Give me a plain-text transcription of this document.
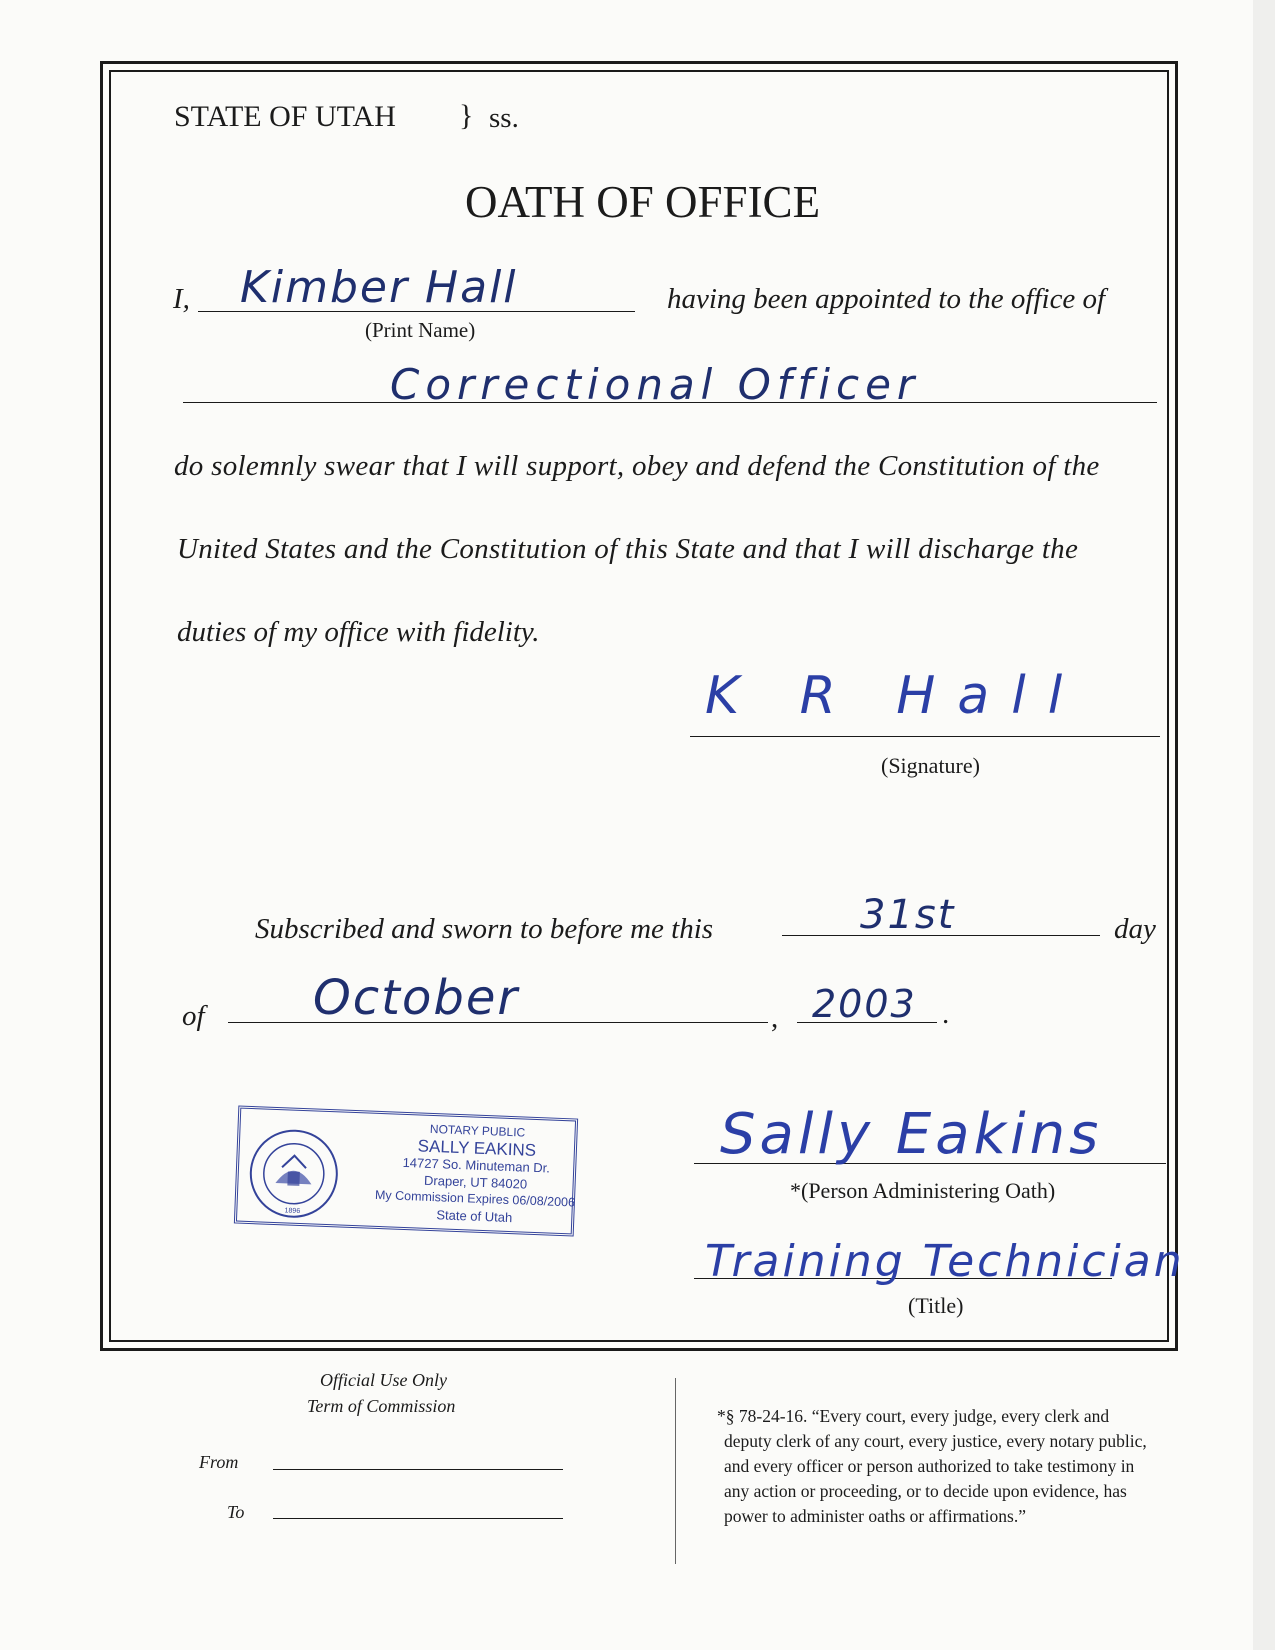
STATE OF UTAH } ss.
OATH OF OFFICE
I, Kimber Hall	having been appointed to the office of
(Print Name)
Correctional Officer
do solemnly swear that I will support, obey and defend the Constitution of the
United States and the Constitution of this State and that I will discharge the
duties of my office with fidelity.
K R Hall
(Signature)
Subscribed and sworn to before me this	31st	day
of October	, 2003 .
1896
NOTARY PUBLIC
SALLY EAKINS
14727 So. Minuteman Dr.
Draper, UT 84020
My Commission Expires 06/08/2006
State of Utah
Sally Eakins
*(Person Administering Oath)
Training Technician
(Title)
Official Use Only
Term of Commission
From
To
*§ 78-24-16. “Every court, every judge, every clerk and
deputy clerk of any court, every justice, every notary public,
and every officer or person authorized to take testimony in
any action or proceeding, or to decide upon evidence, has
power to administer oaths or affirmations.”
